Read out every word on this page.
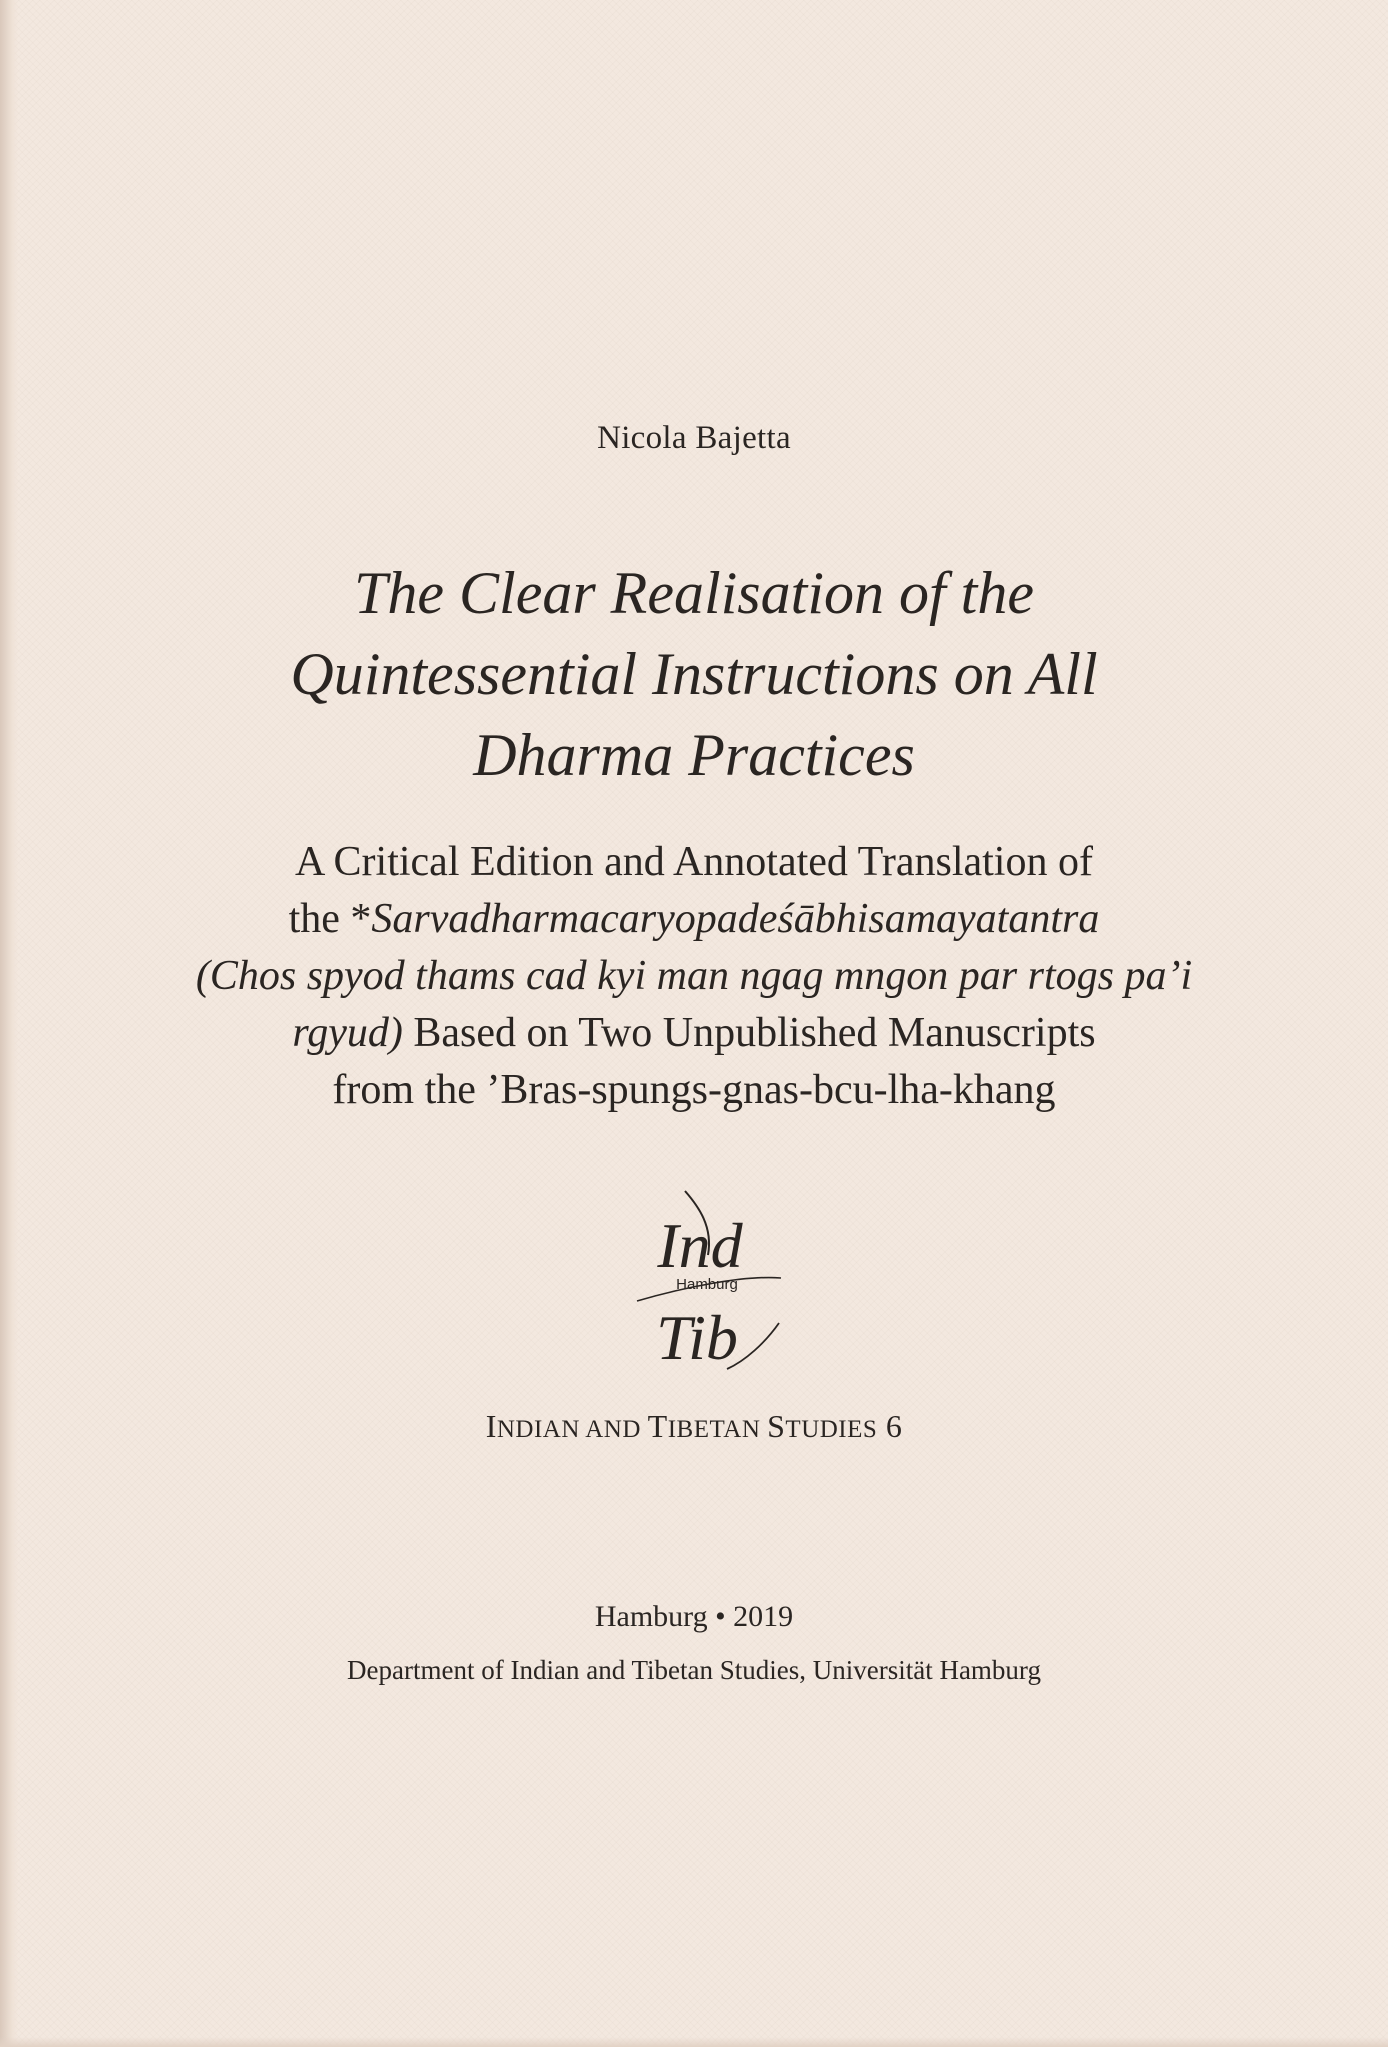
Nicola Bajetta
The Clear Realisation of the
Quintessential Instructions on All
Dharma Practices
A Critical Edition and Annotated Translation of
the *Sarvadharmacaryopadeśābhisamayatantra
(Chos spyod thams cad kyi man ngag mngon par rtogs pa’i
rgyud) Based on Two Unpublished Manuscripts
from the ’Bras-spungs-gnas-bcu-lha-khang
Ind
Hamburg
Tib
INDIAN AND TIBETAN STUDIES 6
Hamburg • 2019
Department of Indian and Tibetan Studies, Universität Hamburg
